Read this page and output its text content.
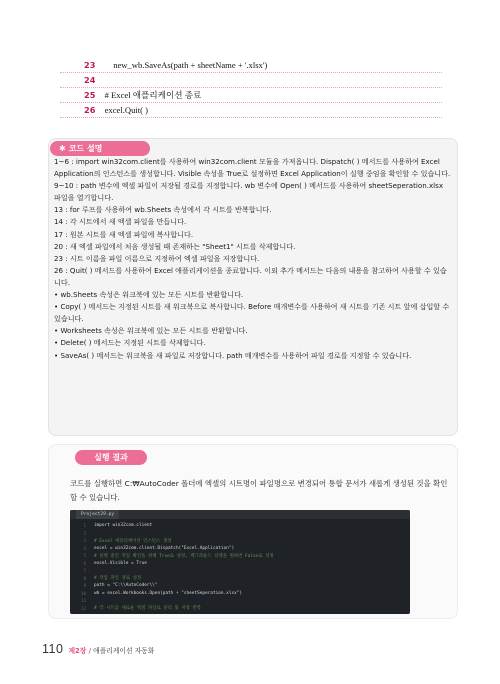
23 new_wb.SaveAs(path + sheetName + '.xlsx')
24
25 # Excel 애플리케이션 종료
26 excel.Quit( )
✱ 코드 설명

1~6 : import win32com.client를 사용하여 win32com.client 모듈을 가져옵니다. Dispatch( ) 메서드를 사용하여 Excel Application의 인스턴스를 생성합니다. Visible 속성을 True로 설정하면 Excel Application이 실행 중임을 확인할 수 있습니다.

9~10 : path 변수에 엑셀 파일이 저장될 경로를 지정합니다. wb 변수에 Open( ) 메서드를 사용하여 sheetSeperation.xlsx 파일을 열기합니다.

13 : for 루프를 사용하여 wb.Sheets 속성에서 각 시트를 반복합니다.

14 : 각 시트에서 새 엑셀 파일을 만듭니다.

17 : 원본 시트를 새 엑셀 파일에 복사합니다.

20 : 새 엑셀 파일에서 처음 생성될 때 존재하는 "Sheet1" 시트를 삭제합니다.

23 : 시트 이름을 파일 이름으로 지정하여 엑셀 파일을 저장합니다.

26 : Quit( ) 메서드를 사용하여 Excel 애플리케이션을 종료합니다. 이외 추가 메서드는 다음의 내용을 참고하여 사용할 수 있습니다.

• wb.Sheets 속성은 워크북에 있는 모든 시트를 반환합니다.

• Copy( ) 메서드는 지정된 시트를 새 워크북으로 복사합니다. Before 매개변수를 사용하여 새 시트를 기존 시트 앞에 삽입할 수 있습니다.

• Worksheets 속성은 워크북에 있는 모든 시트를 반환합니다.

• Delete( ) 메서드는 지정된 시트를 삭제합니다.

• SaveAs( ) 메서드는 워크북을 새 파일로 저장합니다. path 매개변수를 사용하여 파일 경로를 지정할 수 있습니다.

실행 결과
코드를 실행하면 C:₩AutoCoder 폴더에 엑셀의 시트명이 파일명으로 변경되어 통합 문서가 새롭게 생성된 것을 확인할 수 있습니다.
Project29.py
1	import win32com.client
2
3	# Excel 애플리케이션 인스턴스 생성
4	excel = win32com.client.Dispatch("Excel.Application")
5	# 실행 중인 작업 확인을 위해 True로 설정, 백그라운드 실행을 원하면 False로 설정
6	excel.Visible = True
7
8	# 작업 파일 경로 설정
9	path = "C:\\AutoCoder\\"
10	wb = excel.Workbooks.Open(path + "sheetSeperation.xlsx")
11
12	# 각 시트를 새로운 엑셀 파일로 분리 및 저장 반복
110 제2장 / 애플리케이션 자동화
